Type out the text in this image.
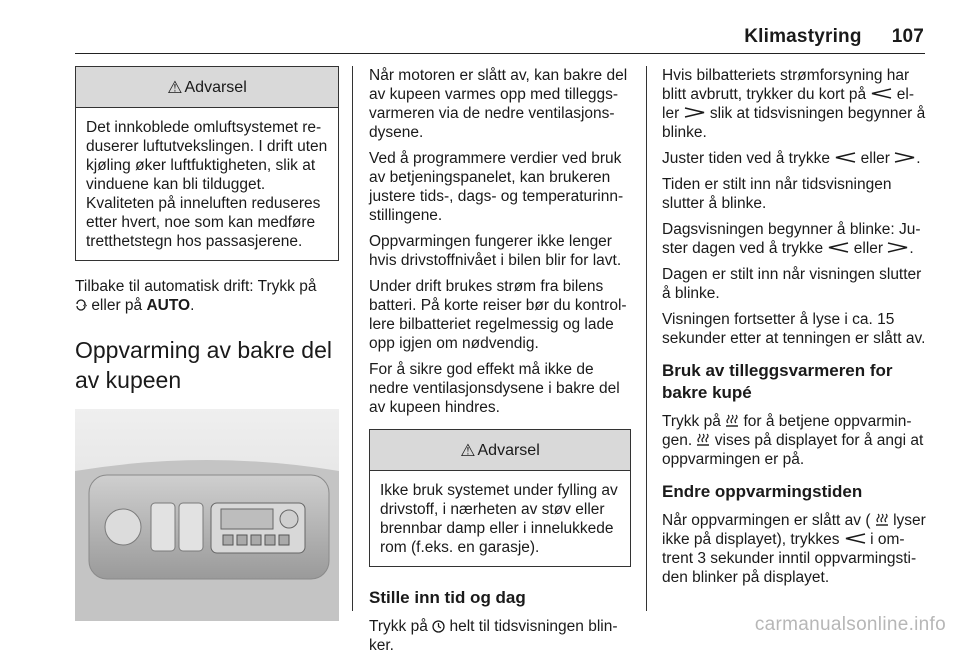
Klimastyring 107
⚠ Advarsel
Det innkoblede omluftsystemet re-duserer luftutvekslingen. I drift uten kjøling øker luftfuktigheten, slik at vinduene kan bli tildugget. Kvaliteten på inneluften reduseres etter hvert, noe som kan medføre tretthetstegn hos passasjerene.

Tilbake til automatisk drift: Trykk på
eller på AUTO.

Oppvarming av bakre del av kupeen

Når motoren er slått av, kan bakre del av kupeen varmes opp med tilleggs-varmeren via de nedre ventilasjons-dysene.

Ved å programmere verdier ved bruk av betjeningspanelet, kan brukeren justere tids-, dags- og temperaturinn-stillingene.

Oppvarmingen fungerer ikke lenger hvis drivstoffnivået i bilen blir for lavt.

Under drift brukes strøm fra bilens batteri. På korte reiser bør du kontrol-lere bilbatteriet regelmessig og lade opp igjen om nødvendig.

For å sikre god effekt må ikke de nedre ventilasjonsdysene i bakre del av kupeen hindres.

⚠ Advarsel
Ikke bruk systemet under fylling av drivstoff, i nærheten av støv eller brennbar damp eller i innelukkede rom (f.eks. en garasje).
Stille inn tid og dag

Trykk på helt til tidsvisningen blin-ker.

Hvis bilbatteriets strømforsyning har blitt avbrutt, trykker du kort på el-ler slik at tidsvisningen begynner å blinke.

Juster tiden ved å trykke eller .

Tiden er stilt inn når tidsvisningen slutter å blinke.

Dagsvisningen begynner å blinke: Ju-ster dagen ved å trykke eller .

Dagen er stilt inn når visningen slutter å blinke.

Visningen fortsetter å lyse i ca. 15 sekunder etter at tenningen er slått av.

Bruk av tilleggsvarmeren for bakre kupé

Trykk på for å betjene oppvarmin-gen. vises på displayet for å angi at oppvarmingen er på.

Endre oppvarmingstiden

Når oppvarmingen er slått av ( lyser ikke på displayet), trykkes i om-trent 3 sekunder inntil oppvarmingsti-den blinker på displayet.

carmanualsonline.info
